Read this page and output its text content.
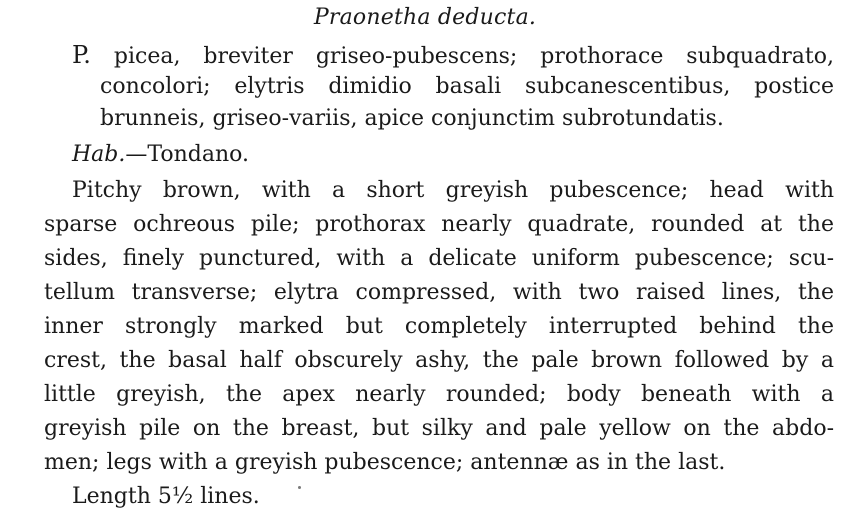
Praonetha deducta.
P. picea, breviter griseo-pubescens; prothorace subquadrato,
concolori; elytris dimidio basali subcanescentibus, postice
brunneis, griseo-variis, apice conjunctim subrotundatis.
Hab.—Tondano.
Pitchy brown, with a short greyish pubescence; head with
sparse ochreous pile; prothorax nearly quadrate, rounded at the
sides, finely punctured, with a delicate uniform pubescence; scu-
tellum transverse; elytra compressed, with two raised lines, the
inner strongly marked but completely interrupted behind the
crest, the basal half obscurely ashy, the pale brown followed by a
little greyish, the apex nearly rounded; body beneath with a
greyish pile on the breast, but silky and pale yellow on the abdo-
men; legs with a greyish pubescence; antennæ as in the last.
Length 5½ lines.
